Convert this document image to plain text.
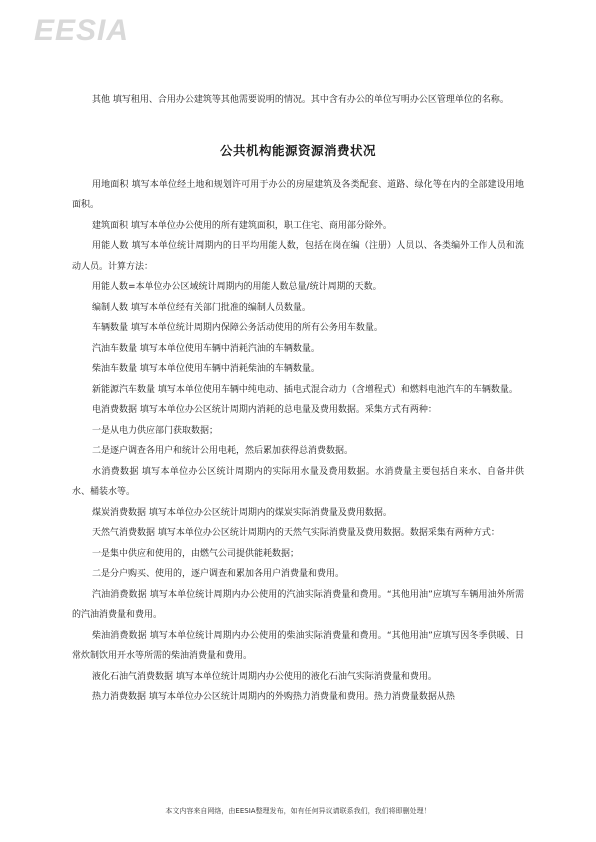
EESIA

其他 填写租用、合用办公建筑等其他需要说明的情况。其中含有办公的单位写明办公区管理单位的名称。

公共机构能源资源消费状况

用地面积 填写本单位经土地和规划许可用于办公的房屋建筑及各类配套、道路、绿化等在内的全部建设用地面积。

建筑面积 填写本单位办公使用的所有建筑面积，职工住宅、商用部分除外。

用能人数 填写本单位统计周期内的日平均用能人数，包括在岗在编（注册）人员以、各类编外工作人员和流动人员。计算方法：

用能人数=本单位办公区域统计周期内的用能人数总量/统计周期的天数。

编制人数 填写本单位经有关部门批准的编制人员数量。

车辆数量 填写本单位统计周期内保障公务活动使用的所有公务用车数量。

汽油车数量 填写本单位使用车辆中消耗汽油的车辆数量。

柴油车数量 填写本单位使用车辆中消耗柴油的车辆数量。

新能源汽车数量 填写本单位使用车辆中纯电动、插电式混合动力（含增程式）和燃料电池汽车的车辆数量。

电消费数据 填写本单位办公区统计周期内消耗的总电量及费用数据。采集方式有两种：

一是从电力供应部门获取数据；

二是逐户调查各用户和统计公用电耗，然后累加获得总消费数据。

水消费数据 填写本单位办公区统计周期内的实际用水量及费用数据。水消费量主要包括自来水、自备井供水、桶装水等。

煤炭消费数据 填写本单位办公区统计周期内的煤炭实际消费量及费用数据。

天然气消费数据 填写本单位办公区统计周期内的天然气实际消费量及费用数据。数据采集有两种方式：

一是集中供应和使用的，由燃气公司提供能耗数据；

二是分户购买、使用的，逐户调查和累加各用户消费量和费用。

汽油消费数据 填写本单位统计周期内办公使用的汽油实际消费量和费用。“其他用油”应填写车辆用油外所需的汽油消费量和费用。

柴油消费数据 填写本单位统计周期内办公使用的柴油实际消费量和费用。“其他用油”应填写因冬季供暖、日常炊制饮用开水等所需的柴油消费量和费用。

液化石油气消费数据 填写本单位统计周期内办公使用的液化石油气实际消费量和费用。

热力消费数据 填写本单位办公区统计周期内的外购热力消费量和费用。热力消费量数据从热

本文内容来自网络，由EESIA整理发布，如有任何异议请联系我们，我们将即删处理！
